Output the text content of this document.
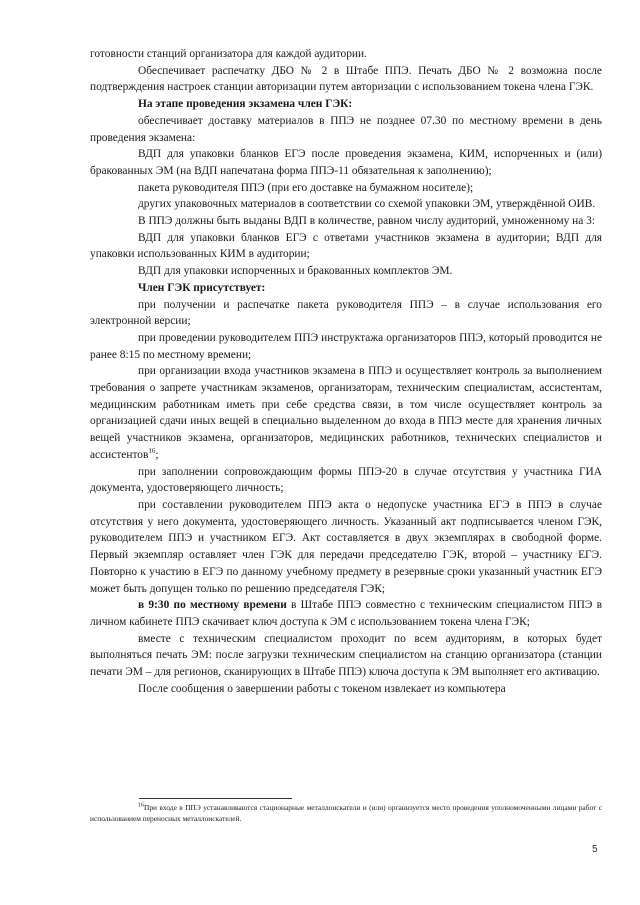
готовности станций организатора для каждой аудитории.

Обеспечивает распечатку ДБО № 2 в Штабе ППЭ. Печать ДБО № 2 возможна после подтверждения настроек станции авторизации путем авторизации с использованием токена члена ГЭК.

На этапе проведения экзамена член ГЭК:

обеспечивает доставку материалов в ППЭ не позднее 07.30 по местному времени в день проведения экзамена:

ВДП для упаковки бланков ЕГЭ после проведения экзамена, КИМ, испорченных и (или) бракованных ЭМ (на ВДП напечатана форма ППЭ-11 обязательная к заполнению);

пакета руководителя ППЭ (при его доставке на бумажном носителе);

других упаковочных материалов в соответствии со схемой упаковки ЭМ, утверждённой ОИВ.

В ППЭ должны быть выданы ВДП в количестве, равном числу аудиторий, умноженному на 3:

ВДП для упаковки бланков ЕГЭ с ответами участников экзамена в аудитории; ВДП для упаковки использованных КИМ в аудитории;

ВДП для упаковки испорченных и бракованных комплектов ЭМ.

Член ГЭК присутствует:

при получении и распечатке пакета руководителя ППЭ – в случае использования его электронной версии;

при проведении руководителем ППЭ инструктажа организаторов ППЭ, который проводится не ранее 8:15 по местному времени;

при организации входа участников экзамена в ППЭ и осуществляет контроль за выполнением требования о запрете участникам экзаменов, организаторам, техническим специалистам, ассистентам, медицинским работникам иметь при себе средства связи, в том числе осуществляет контроль за организацией сдачи иных вещей в специально выделенном до входа в ППЭ месте для хранения личных вещей участников экзамена, организаторов, медицинских работников, технических специалистов и ассистентов$^{16}$;

при заполнении сопровождающим формы ППЭ-20 в случае отсутствия у участника ГИА документа, удостоверяющего личность;

при составлении руководителем ППЭ акта о недопуске участника ЕГЭ в ППЭ в случае отсутствия у него документа, удостоверяющего личность. Указанный акт подписывается членом ГЭК, руководителем ППЭ и участником ЕГЭ. Акт составляется в двух экземплярах в свободной форме. Первый экземпляр оставляет член ГЭК для передачи председателю ГЭК, второй – участнику ЕГЭ. Повторно к участию в ЕГЭ по данному учебному предмету в резервные сроки указанный участник ЕГЭ может быть допущен только по решению председателя ГЭК;

в 9:30 по местному времени в Штабе ППЭ совместно с техническим специалистом ППЭ в личном кабинете ППЭ скачивает ключ доступа к ЭМ с использованием токена члена ГЭК;

вместе с техническим специалистом проходит по всем аудиториям, в которых будет выполняться печать ЭМ: после загрузки техническим специалистом на станцию организатора (станции печати ЭМ – для регионов, сканирующих в Штабе ППЭ) ключа доступа к ЭМ выполняет его активацию.

После сообщения о завершении работы с токеном извлекает из компьютера

$^{16}$При входе в ППЭ устанавливаются стационарные металлоискатели и (или) организуется место проведения уполномоченными лицами работ с использованием переносных металлоискателей.

5
